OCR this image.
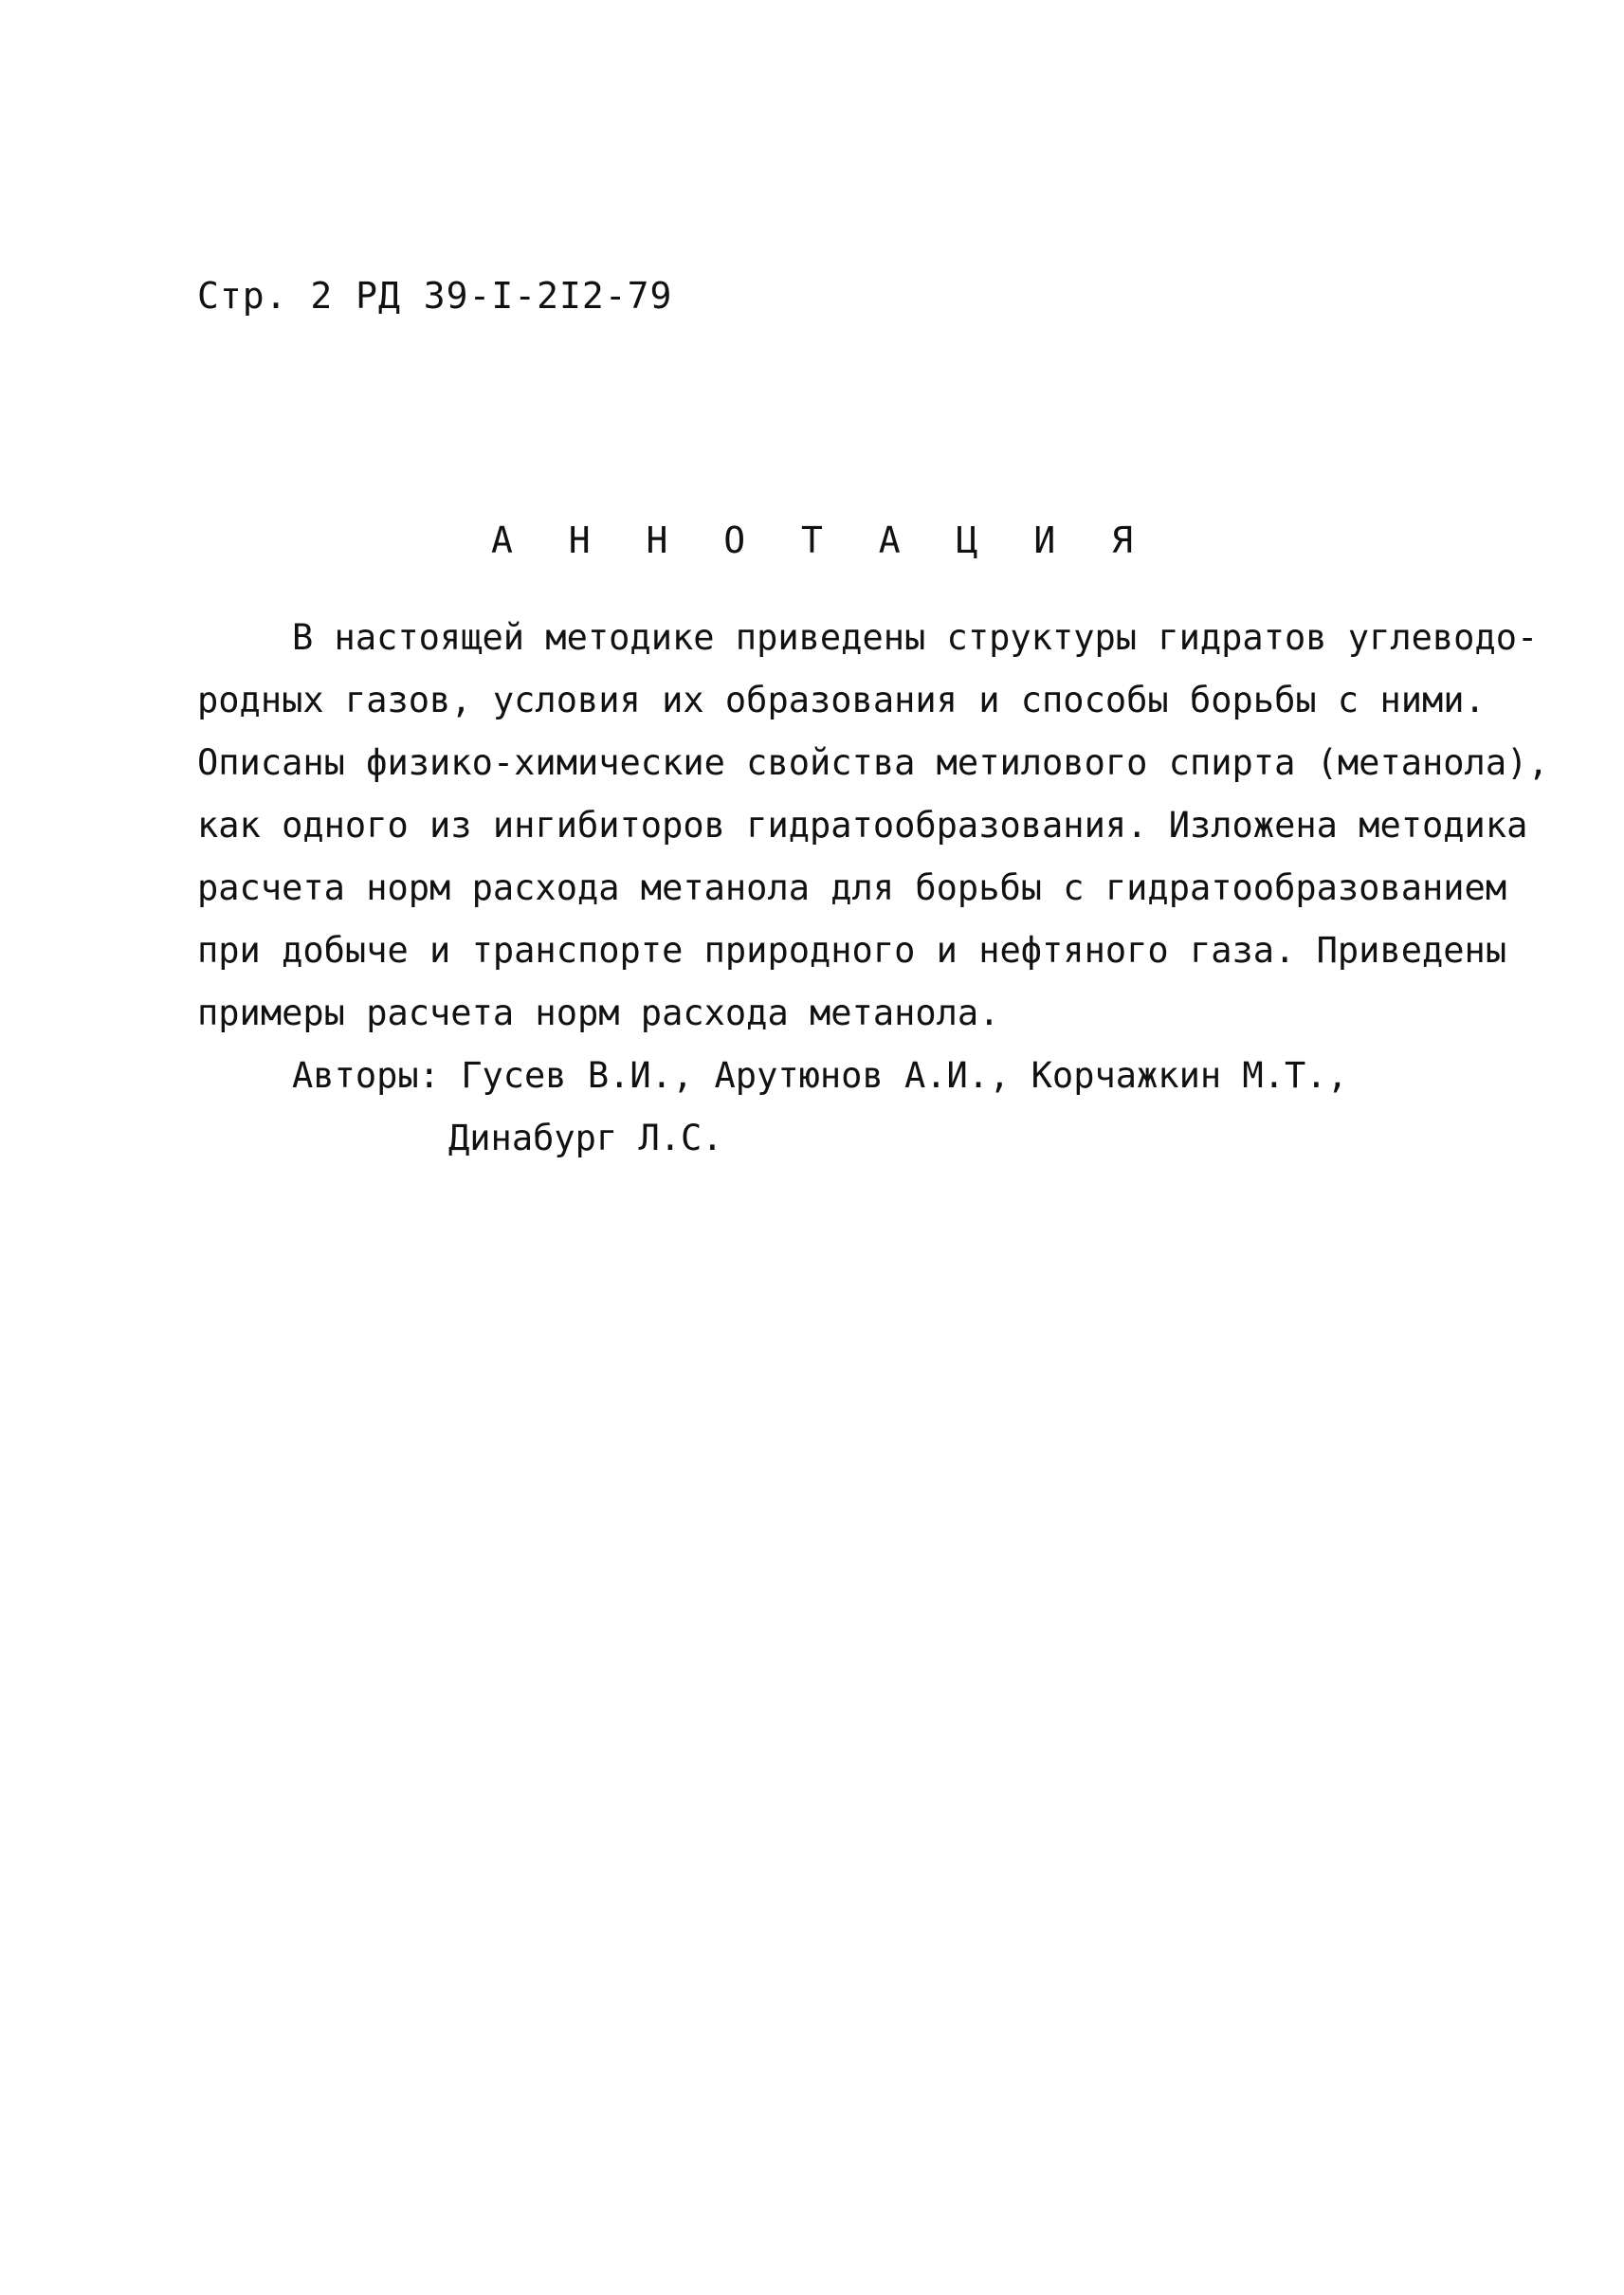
Стр. 2 РД 39-I-2I2-79
А Н Н О Т А Ц И Я
В настоящей методике приведены структуры гидратов углеводо-
родных газов, условия их образования и способы борьбы с ними.
Описаны физико-химические свойства метилового спирта (метанола),
как одного из ингибиторов гидратообразования. Изложена методика
расчета норм расхода метанола для борьбы с гидратообразованием
при добыче и транспорте природного и нефтяного газа. Приведены
примеры расчета норм расхода метанола.
Авторы: Гусев В.И., Арутюнов А.И., Корчажкин М.Т.,
Динабург Л.С.
